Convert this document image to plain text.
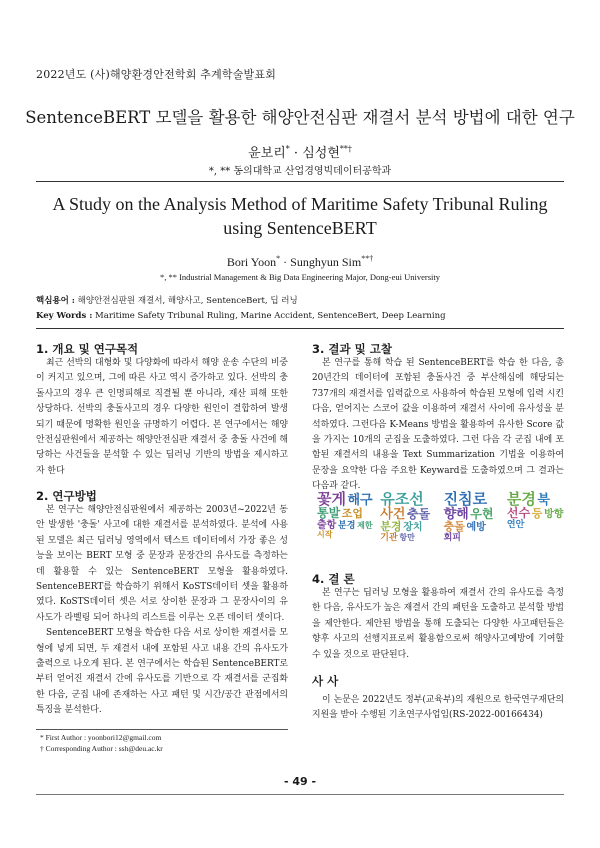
2022년도 (사)해양환경안전학회 추계학술발표회
SentenceBERT 모델을 활용한 해양안전심판 재결서 분석 방법에 대한 연구
윤보리* · 심성현**†
*, ** 동의대학교 산업경영빅데이터공학과
A Study on the Analysis Method of Maritime Safety Tribunal Ruling using SentenceBERT
Bori Yoon* · Sunghyun Sim**†
*, ** Industrial Management & Big Data Engineering Major, Dong-eui University
핵심용어 : 해양안전심판원 재결서, 해양사고, SentenceBert, 딥 러닝
Key Words : Maritime Safety Tribunal Ruling, Marine Accident, SentenceBert, Deep Learning
1. 개요 및 연구목적

최근 선박의 대형화 및 다양화에 따라서 해양 운송 수단의 비중이 커지고 있으며, 그에 따른 사고 역시 증가하고 있다. 선박의 충돌사고의 경우 큰 인명피해로 직결될 뿐 아니라, 재산 피해 또한 상당하다. 선박의 충돌사고의 경우 다양한 원인이 결합하여 발생 되기 때문에 명확한 원인을 규명하기 어렵다. 본 연구에서는 해양안전심판원에서 제공하는 해양안전심판 재결서 중 충돌 사건에 해당하는 사건들을 분석할 수 있는 딥러닝 기반의 방법을 제시하고자 한다

2. 연구방법

본 연구는 해양안전심판원에서 제공하는 2003년~2022년 동안 발생한 '충돌' 사고에 대한 재결서를 분석하였다. 분석에 사용된 모델은 최근 딥러닝 영역에서 텍스트 데이터에서 가장 좋은 성능을 보이는 BERT 모형 중 문장과 문장간의 유사도를 측정하는 데 활용할 수 있는 SentenceBERT 모형을 활용하였다. SentenceBERT를 학습하기 위해서 KoSTS데이터 셋을 활용하였다. KoSTS데이터 셋은 서로 상이한 문장과 그 문장사이의 유사도가 라벨링 되어 하나의 리스트를 이루는 오픈 데이터 셋이다.

SentenceBERT 모형을 학습한 다음 서로 상이한 재결서를 모형에 넣게 되면, 두 재결서 내에 포함된 사고 내용 간의 유사도가 출력으로 나오게 된다. 본 연구에서는 학습된 SentenceBERT로부터 얻어진 재결서 간에 유사도를 기반으로 각 재결서를 군집화 한 다음, 군집 내에 존재하는 사고 패턴 및 시간/공간 관점에서의 특징을 분석한다.

* First Author : yoonbori12@gmail.com
† Corresponding Author : ssh@deu.ac.kr
3. 결과 및 고찰

본 연구를 통해 학습 된 SentenceBERT를 학습 한 다음, 총 20년간의 데이터에 포함된 충돌사건 중 부산해심에 해당되는 737개의 재결서를 입력값으로 사용하여 학습된 모형에 입력 시킨 다음, 얻어지는 스코어 값을 이용하여 재결서 사이에 유사성을 분석하였다. 그런다음 K-Means 방법을 활용하여 유사한 Score 값을 가지는 10개의 군집을 도출하였다. 그런 다음 각 군집 내에 포함된 재결서의 내용을 Text Summarization 기법을 이용하여 문장을 요약한 다음 주요한 Keyward를 도출하였으며 그 결과는 다음과 같다.

꽃게 해구
통발 조업
출항 분경 제한
시작
유조선
사건 충돌
분경 장치
기관 항만
진침로
향해 우현
충돌 예방
회피
분경 북
선수 등 방향
연안
4. 결 론

본 연구는 딥러닝 모형을 활용하여 재결서 간의 유사도를 측정한 다음, 유사도가 높은 재결서 간의 패턴을 도출하고 분석할 방법을 제안한다. 제안된 방법을 통해 도출되는 다양한 사고패턴들은 향후 사고의 선행지표로써 활용함으로써 해양사고예방에 기여할 수 있을 것으로 판단된다.

사 사

이 논문은 2022년도 정부(교육부)의 재원으로 한국연구재단의 지원을 받아 수행된 기초연구사업임(RS-2022-00166434)

- 49 -
